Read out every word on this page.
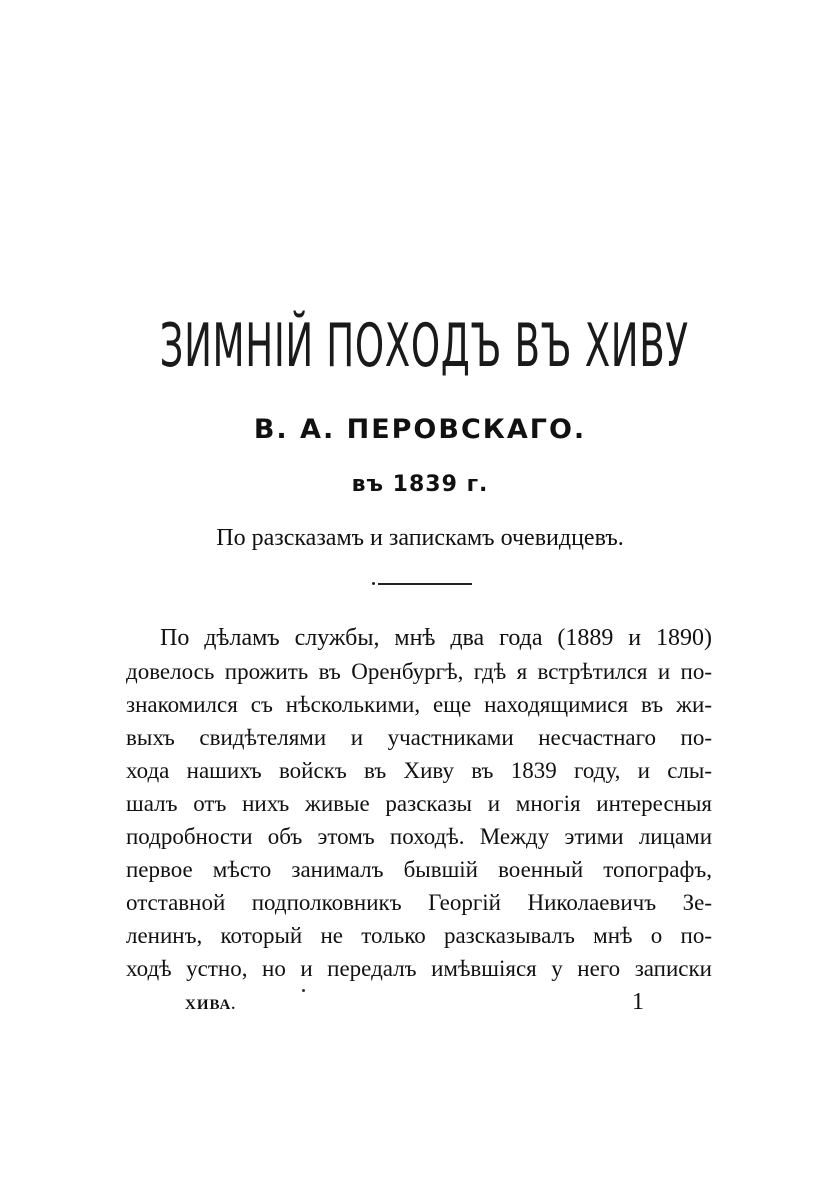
ЗИМНІЙ ПОХОДЪ ВЪ ХИВУ
В. А. ПЕРОВСКАГО.
въ 1839 г.
По разсказамъ и запискамъ очевидцевъ.
По дѣламъ службы, мнѣ два года (1889 и 1890)
довелось прожить въ Оренбургѣ, гдѣ я встрѣтился и по-
знакомился съ нѣсколькими, еще находящимися въ жи-
выхъ свидѣтелями и участниками несчастнаго по-
хода нашихъ войскъ въ Хиву въ 1839 году, и слы-
шалъ отъ нихъ живые разсказы и многія интересныя
подробности объ этомъ походѣ. Между этими лицами
первое мѣсто занималъ бывшій военный топографъ,
отставной подполковникъ Георгій Николаевичъ Зе-
ленинъ, который не только разсказывалъ мнѣ о по-
ходѣ устно, но и передалъ имѣвшіяся у него записки
ХИВА.	1
